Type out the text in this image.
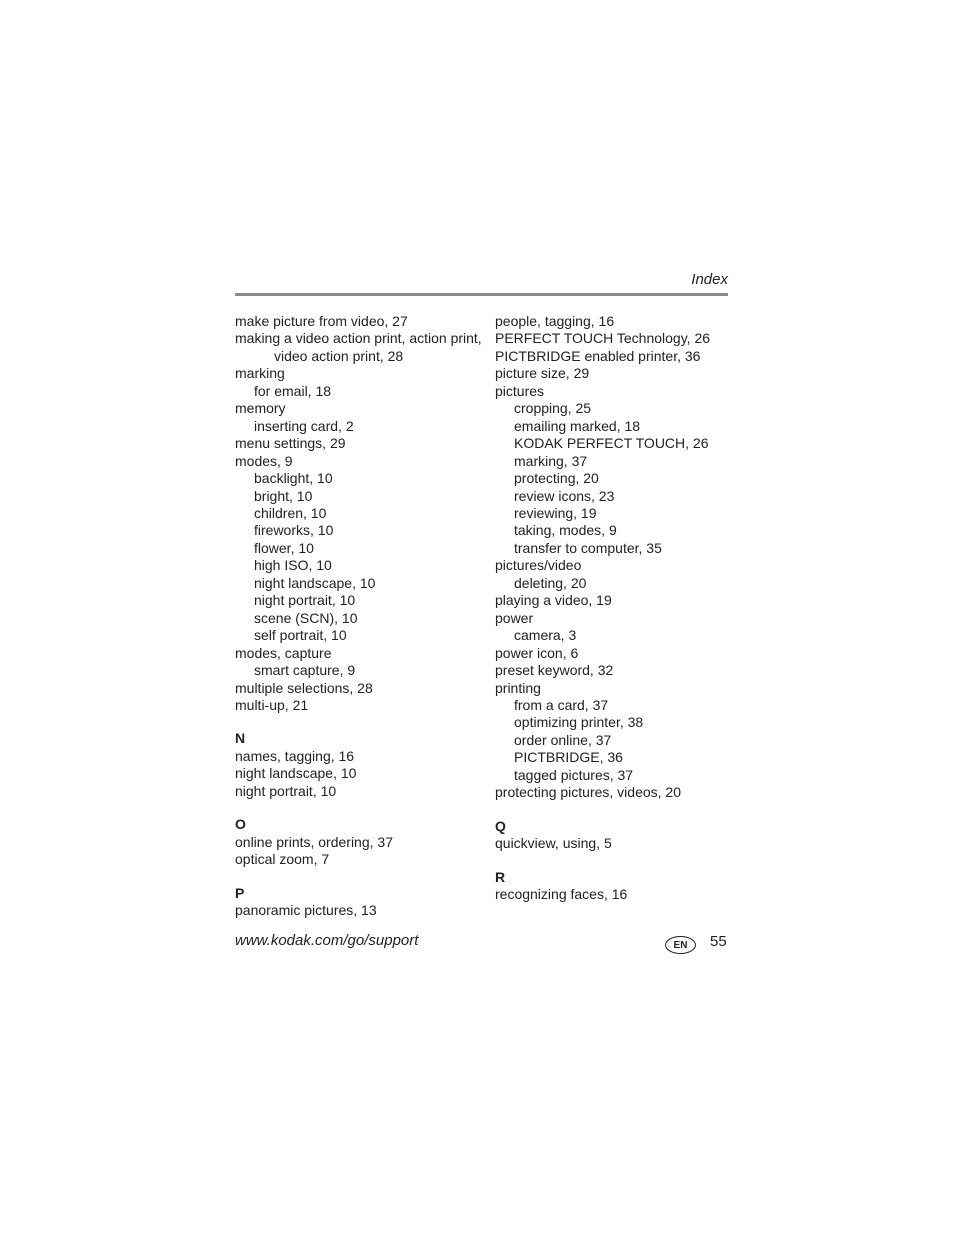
Index
make picture from video, 27
making a video action print, action print,
video action print, 28
marking
for email, 18
memory
inserting card, 2
menu settings, 29
modes, 9
backlight, 10
bright, 10
children, 10
fireworks, 10
flower, 10
high ISO, 10
night landscape, 10
night portrait, 10
scene (SCN), 10
self portrait, 10
modes, capture
smart capture, 9
multiple selections, 28
multi-up, 21
N
names, tagging, 16
night landscape, 10
night portrait, 10
O
online prints, ordering, 37
optical zoom, 7
P
panoramic pictures, 13
people, tagging, 16
PERFECT TOUCH Technology, 26
PICTBRIDGE enabled printer, 36
picture size, 29
pictures
cropping, 25
emailing marked, 18
KODAK PERFECT TOUCH, 26
marking, 37
protecting, 20
review icons, 23
reviewing, 19
taking, modes, 9
transfer to computer, 35
pictures/video
deleting, 20
playing a video, 19
power
camera, 3
power icon, 6
preset keyword, 32
printing
from a card, 37
optimizing printer, 38
order online, 37
PICTBRIDGE, 36
tagged pictures, 37
protecting pictures, videos, 20
Q
quickview, using, 5
R
recognizing faces, 16
www.kodak.com/go/support	EN	55
